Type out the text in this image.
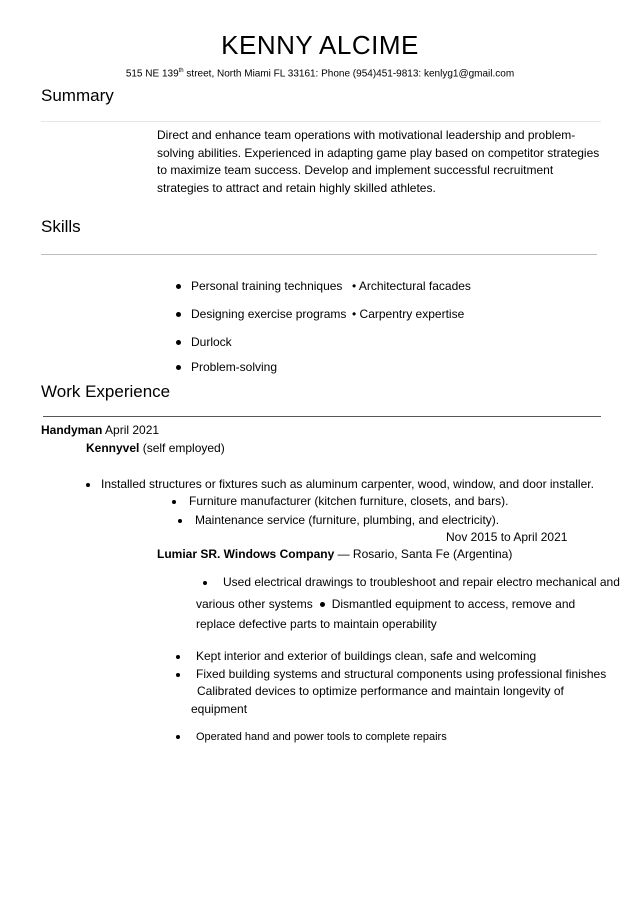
KENNY ALCIME
515 NE 139th street, North Miami FL 33161: Phone (954)451-9813: kenlyg1@gmail.com
Summary
Direct and enhance team operations with motivational leadership and problem-
solving abilities. Experienced in adapting game play based on competitor strategies
to maximize team success. Develop and implement successful recruitment
strategies to attract and retain highly skilled athletes.
Skills
Personal training techniques
Designing exercise programs
Durlock
Problem-solving
• Architectural facades
• Carpentry expertise
Work Experience
Handyman April 2021
Kennyvel (self employed)
Installed structures or fixtures such as aluminum carpenter, wood, window, and door installer.
Furniture manufacturer (kitchen furniture, closets, and bars).
Maintenance service (furniture, plumbing, and electricity).
Nov 2015 to April 2021
Lumiar SR. Windows Company — Rosario, Santa Fe (Argentina)
Used electrical drawings to troubleshoot and repair electro mechanical and
various other systems Dismantled equipment to access, remove and
replace defective parts to maintain operability
Kept interior and exterior of buildings clean, safe and welcoming
Fixed building systems and structural components using professional finishes
Calibrated devices to optimize performance and maintain longevity of
equipment
Operated hand and power tools to complete repairs
